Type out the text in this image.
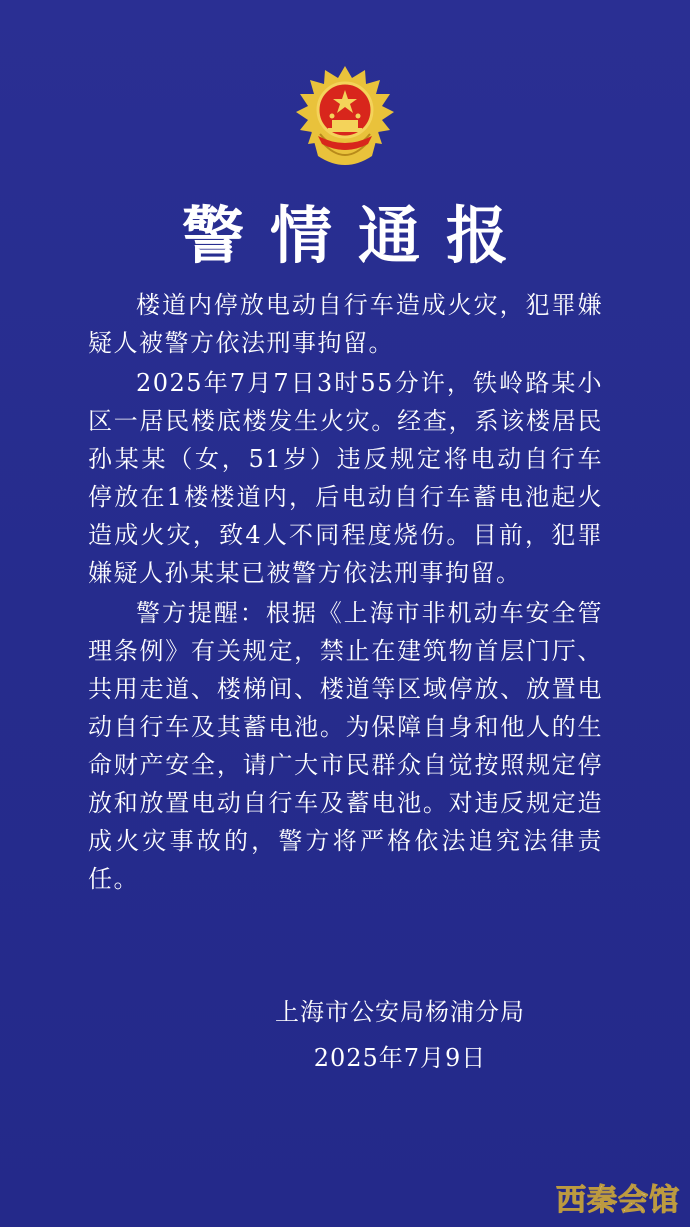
警情通报

楼道内停放电动自行车造成火灾，犯罪嫌疑人被警方依法刑事拘留。

2025年7月7日3时55分许，铁岭路某小区一居民楼底楼发生火灾。经查，系该楼居民孙某某（女，51岁）违反规定将电动自行车停放在1楼楼道内，后电动自行车蓄电池起火造成火灾，致4人不同程度烧伤。目前，犯罪嫌疑人孙某某已被警方依法刑事拘留。

警方提醒：根据《上海市非机动车安全管理条例》有关规定，禁止在建筑物首层门厅、共用走道、楼梯间、楼道等区域停放、放置电动自行车及其蓄电池。为保障自身和他人的生命财产安全，请广大市民群众自觉按照规定停放和放置电动自行车及蓄电池。对违反规定造成火灾事故的，警方将严格依法追究法律责任。

上海市公安局杨浦分局
2025年7月9日
西秦会馆
